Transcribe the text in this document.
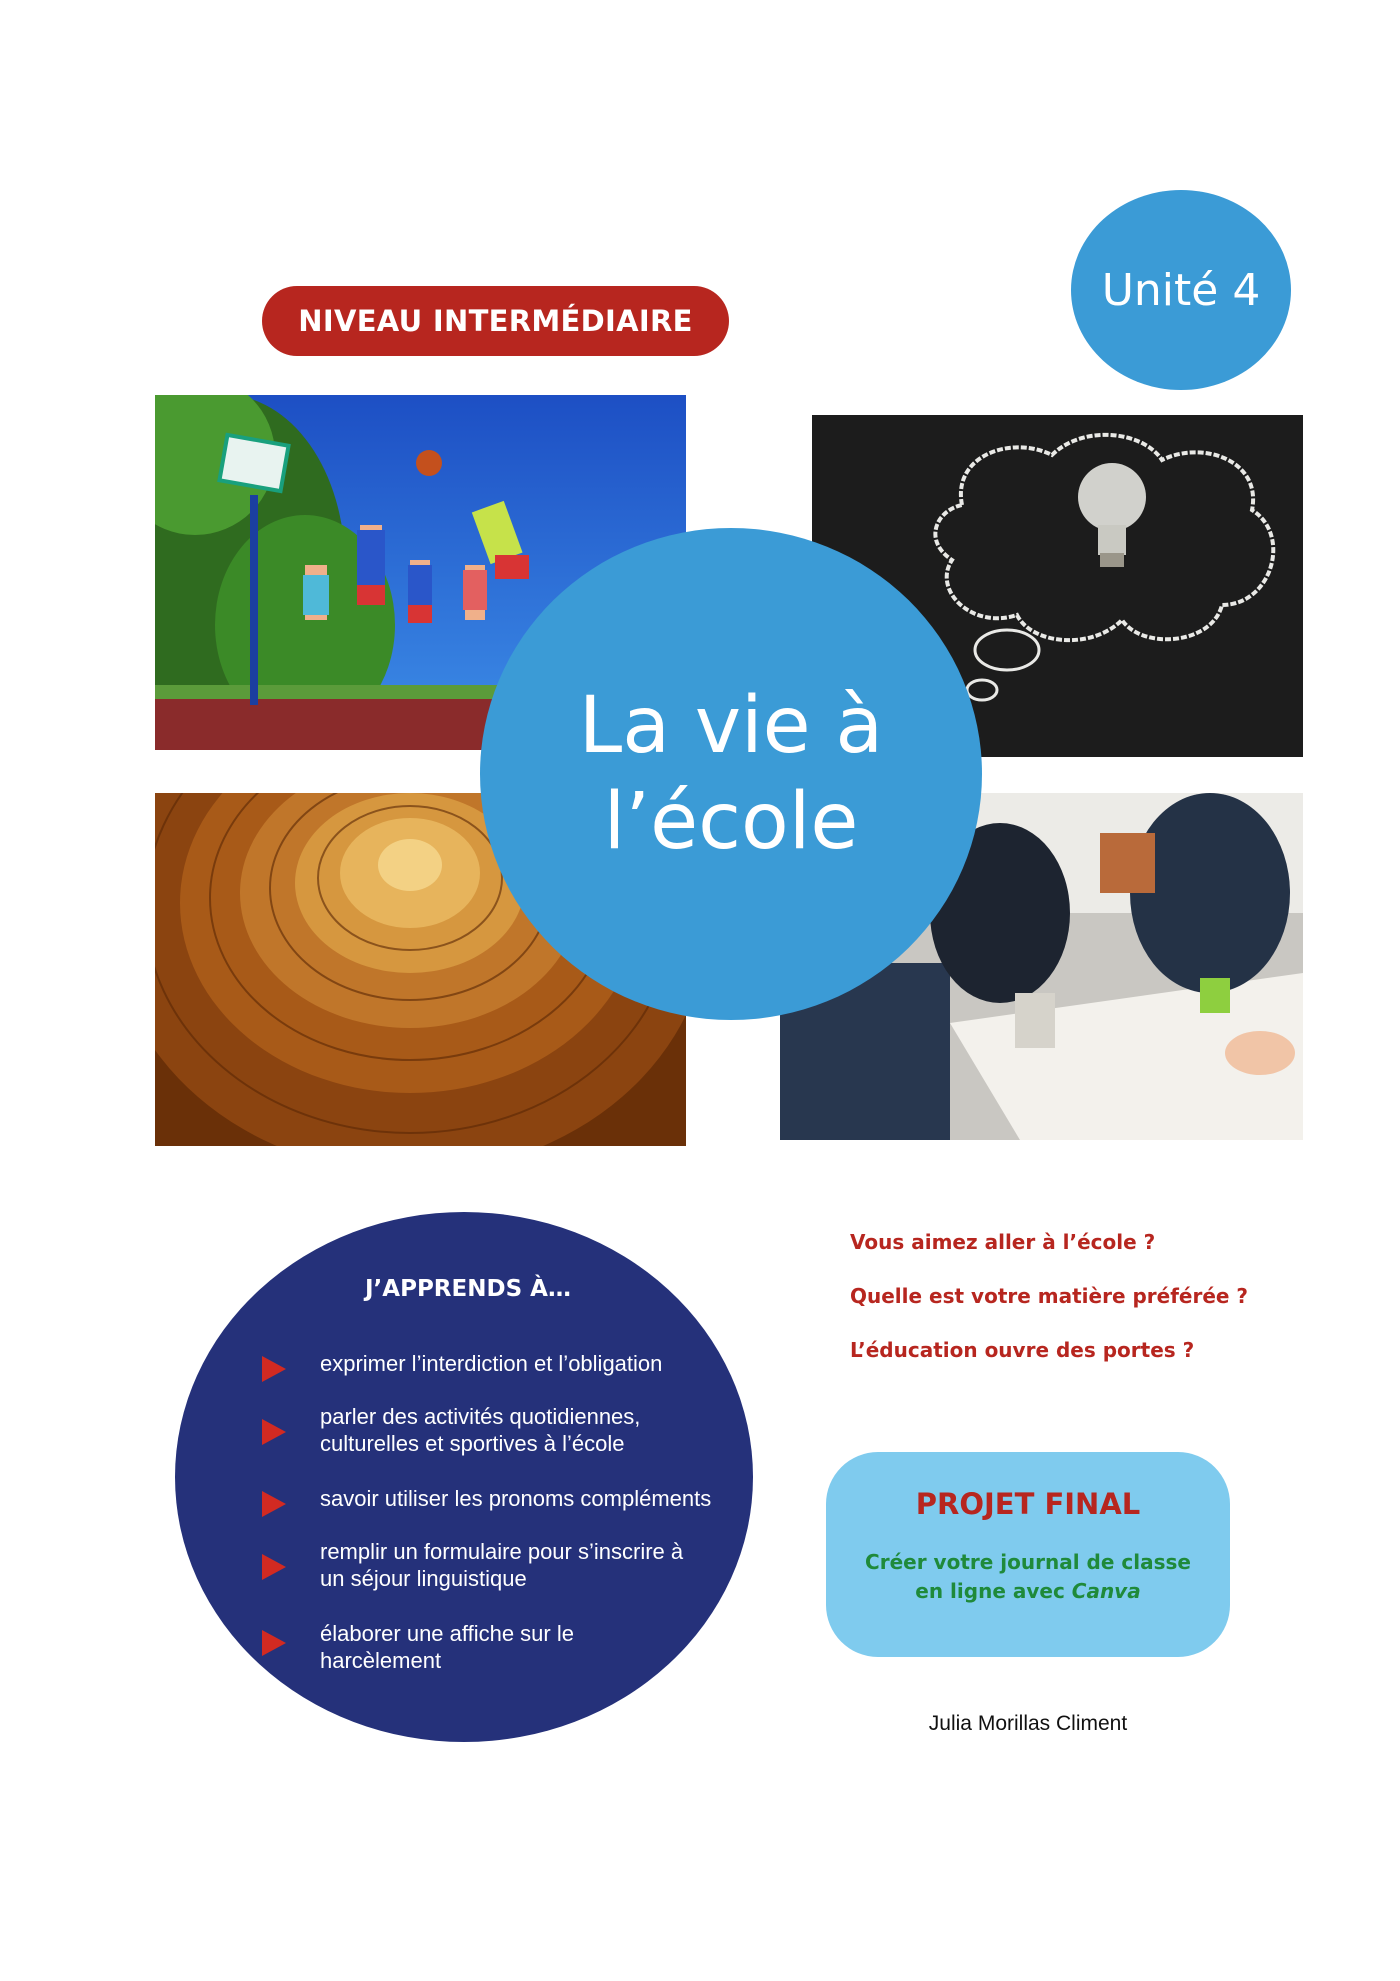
NIVEAU INTERMÉDIAIRE
Unité 4
La vie à
l’école
J’APPRENDS À…
exprimer l’interdiction et l’obligation
parler des activités quotidiennes,
culturelles et sportives à l’école
savoir utiliser les pronoms compléments
remplir un formulaire pour s’inscrire à
un séjour linguistique
élaborer une affiche sur le
harcèlement
Vous aimez aller à l’école ?
Quelle est votre matière préférée ?
L’éducation ouvre des portes ?
PROJET FINAL
Créer votre journal de classe
en ligne avec Canva
Julia Morillas Climent
